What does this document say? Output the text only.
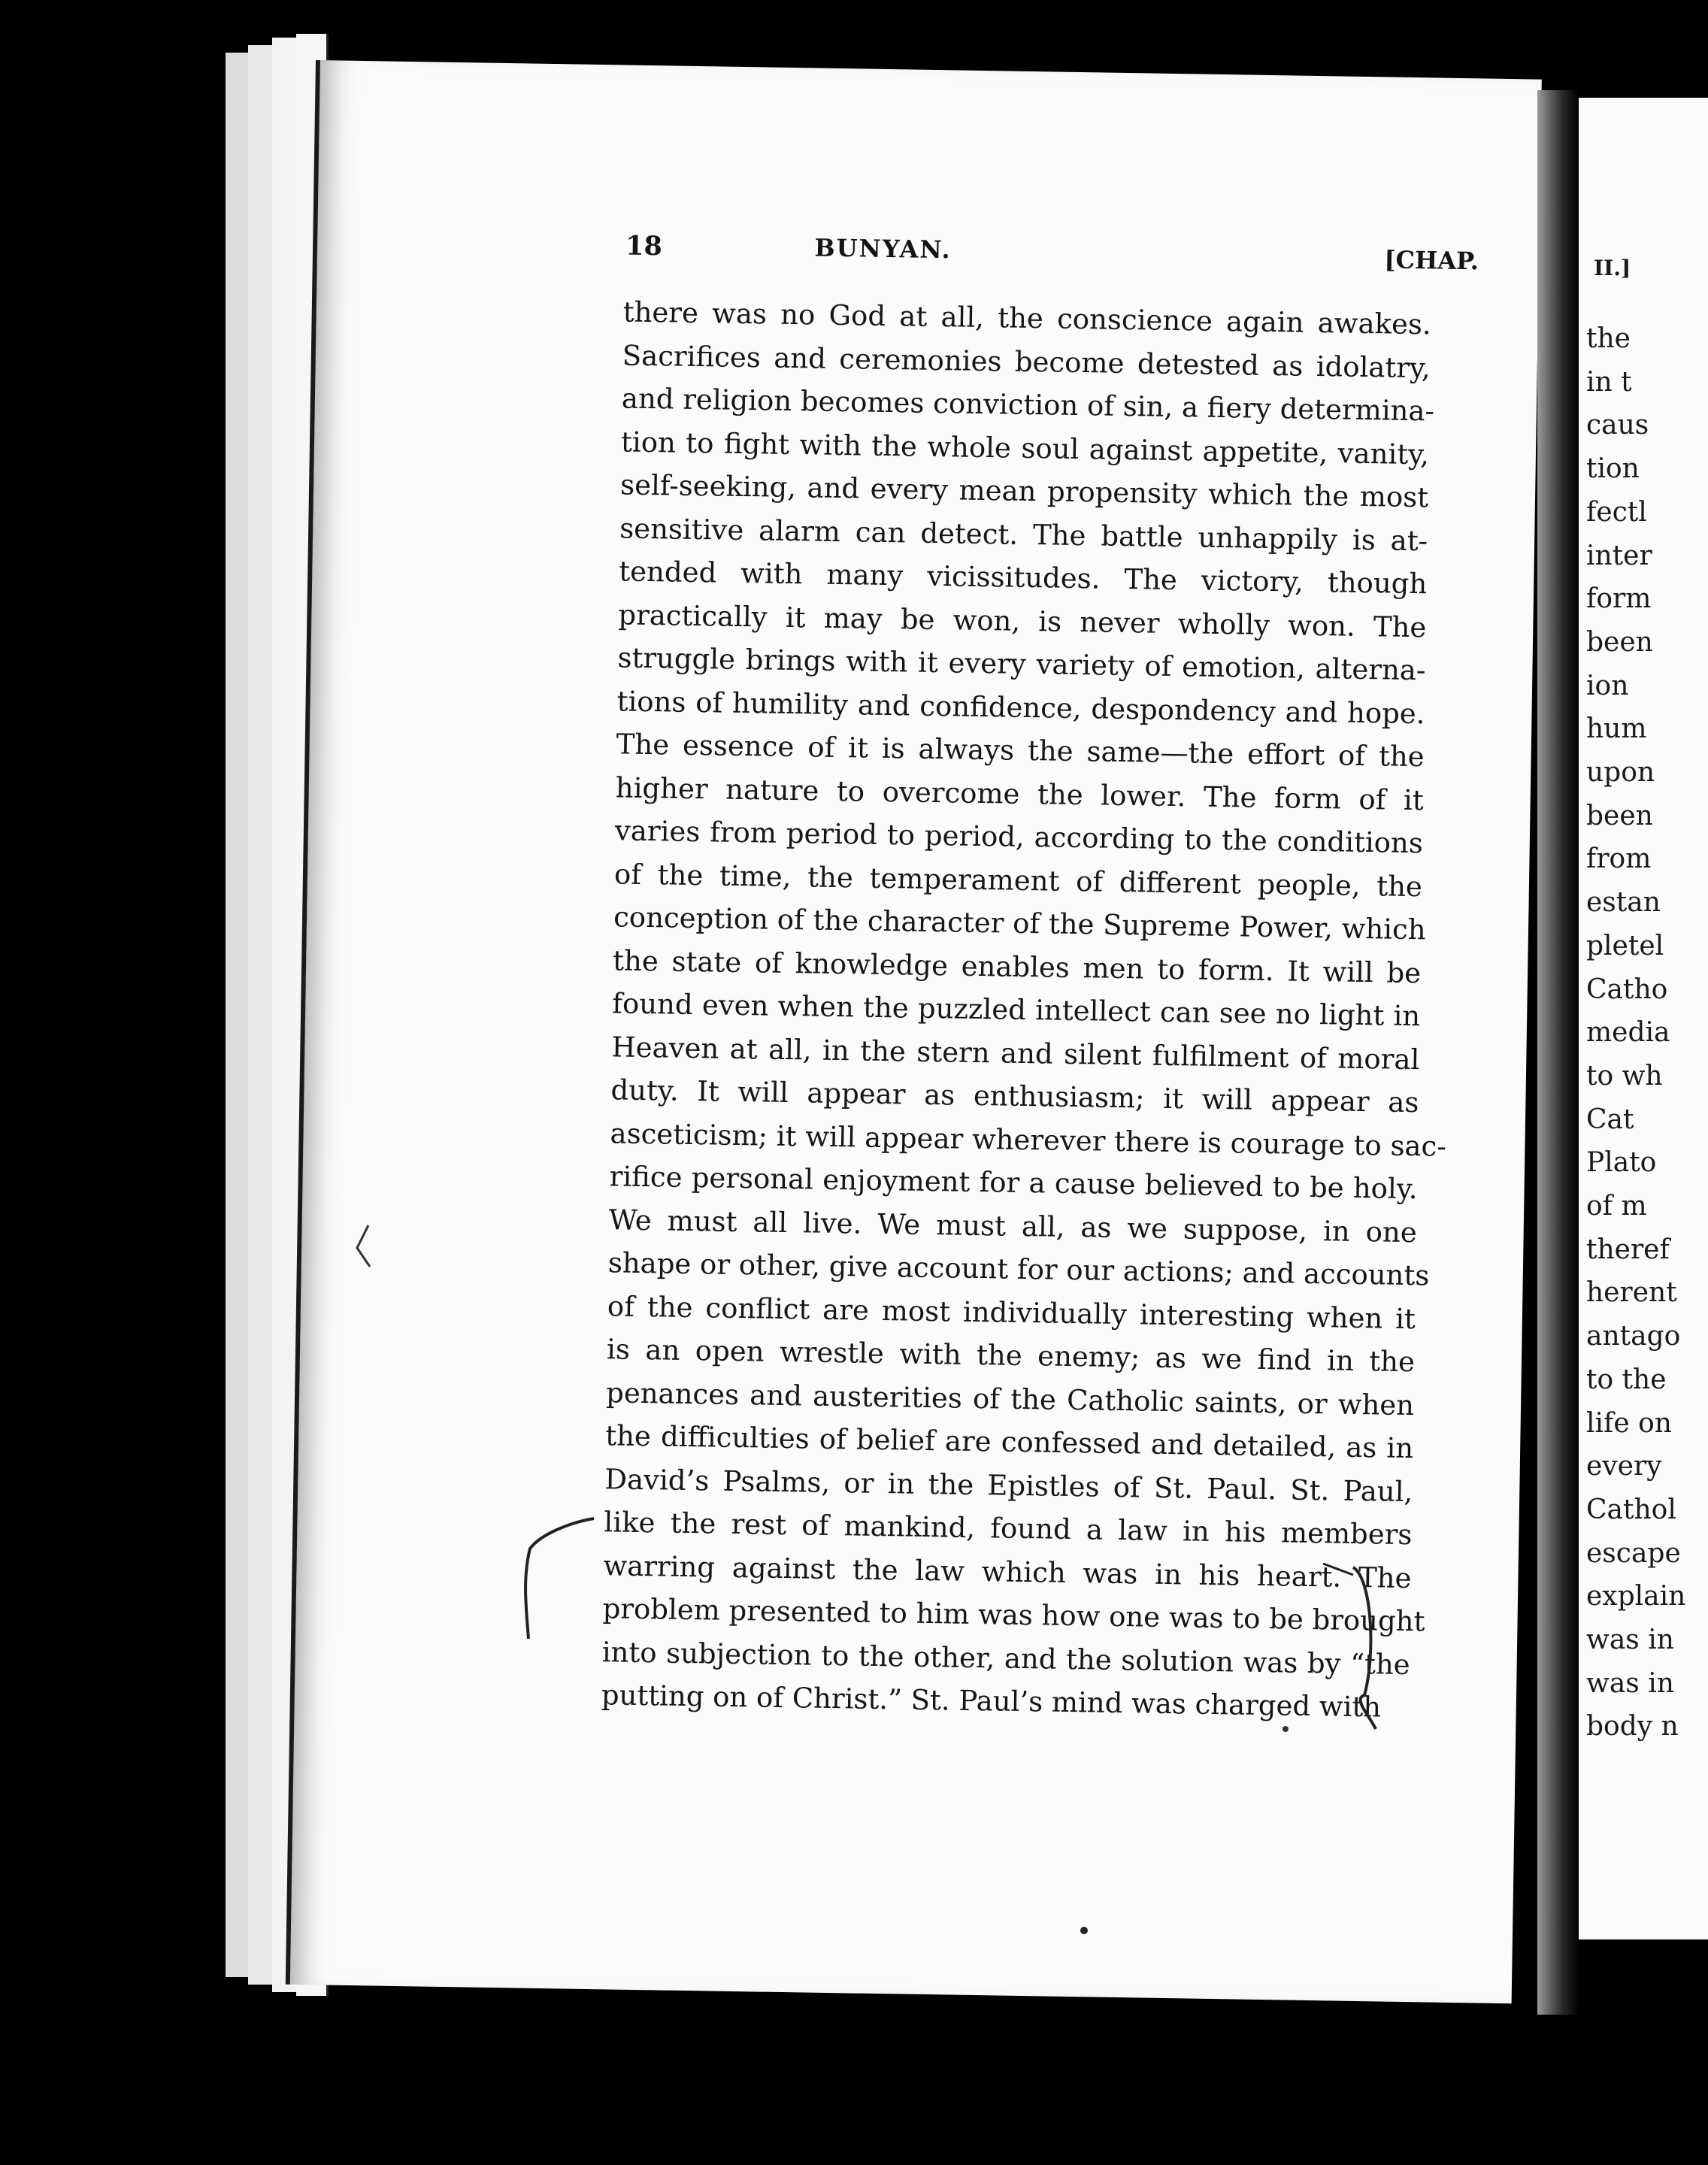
18	BUNYAN.	[CHAP.
there was no God at all, the conscience again awakes.
Sacrifices and ceremonies become detested as idolatry,
and religion becomes conviction of sin, a fiery determina-
tion to fight with the whole soul against appetite, vanity,
self-seeking, and every mean propensity which the most
sensitive alarm can detect. The battle unhappily is at-
tended with many vicissitudes. The victory, though
practically it may be won, is never wholly won. The
struggle brings with it every variety of emotion, alterna-
tions of humility and confidence, despondency and hope.
The essence of it is always the same—the effort of the
higher nature to overcome the lower. The form of it
varies from period to period, according to the conditions
of the time, the temperament of different people, the
conception of the character of the Supreme Power, which
the state of knowledge enables men to form. It will be
found even when the puzzled intellect can see no light in
Heaven at all, in the stern and silent fulfilment of moral
duty. It will appear as enthusiasm; it will appear as
asceticism; it will appear wherever there is courage to sac-
rifice personal enjoyment for a cause believed to be holy.
We must all live. We must all, as we suppose, in one
shape or other, give account for our actions; and accounts
of the conflict are most individually interesting when it
is an open wrestle with the enemy; as we find in the
penances and austerities of the Catholic saints, or when
the difficulties of belief are confessed and detailed, as in
David’s Psalms, or in the Epistles of St. Paul. St. Paul,
like the rest of mankind, found a law in his members
warring against the law which was in his heart. The
problem presented to him was how one was to be brought
into subjection to the other, and the solution was by “the
putting on of Christ.” St. Paul’s mind was charged with
II.]
the
in t
caus
tion
fectl
inter
form
been
ion
hum
upon
been
from
estan
pletel
Catho
media
to wh
Cat
Plato
of m
theref
herent
antago
to the
life on
every
Cathol
escape
explain
was in
was in
body n
